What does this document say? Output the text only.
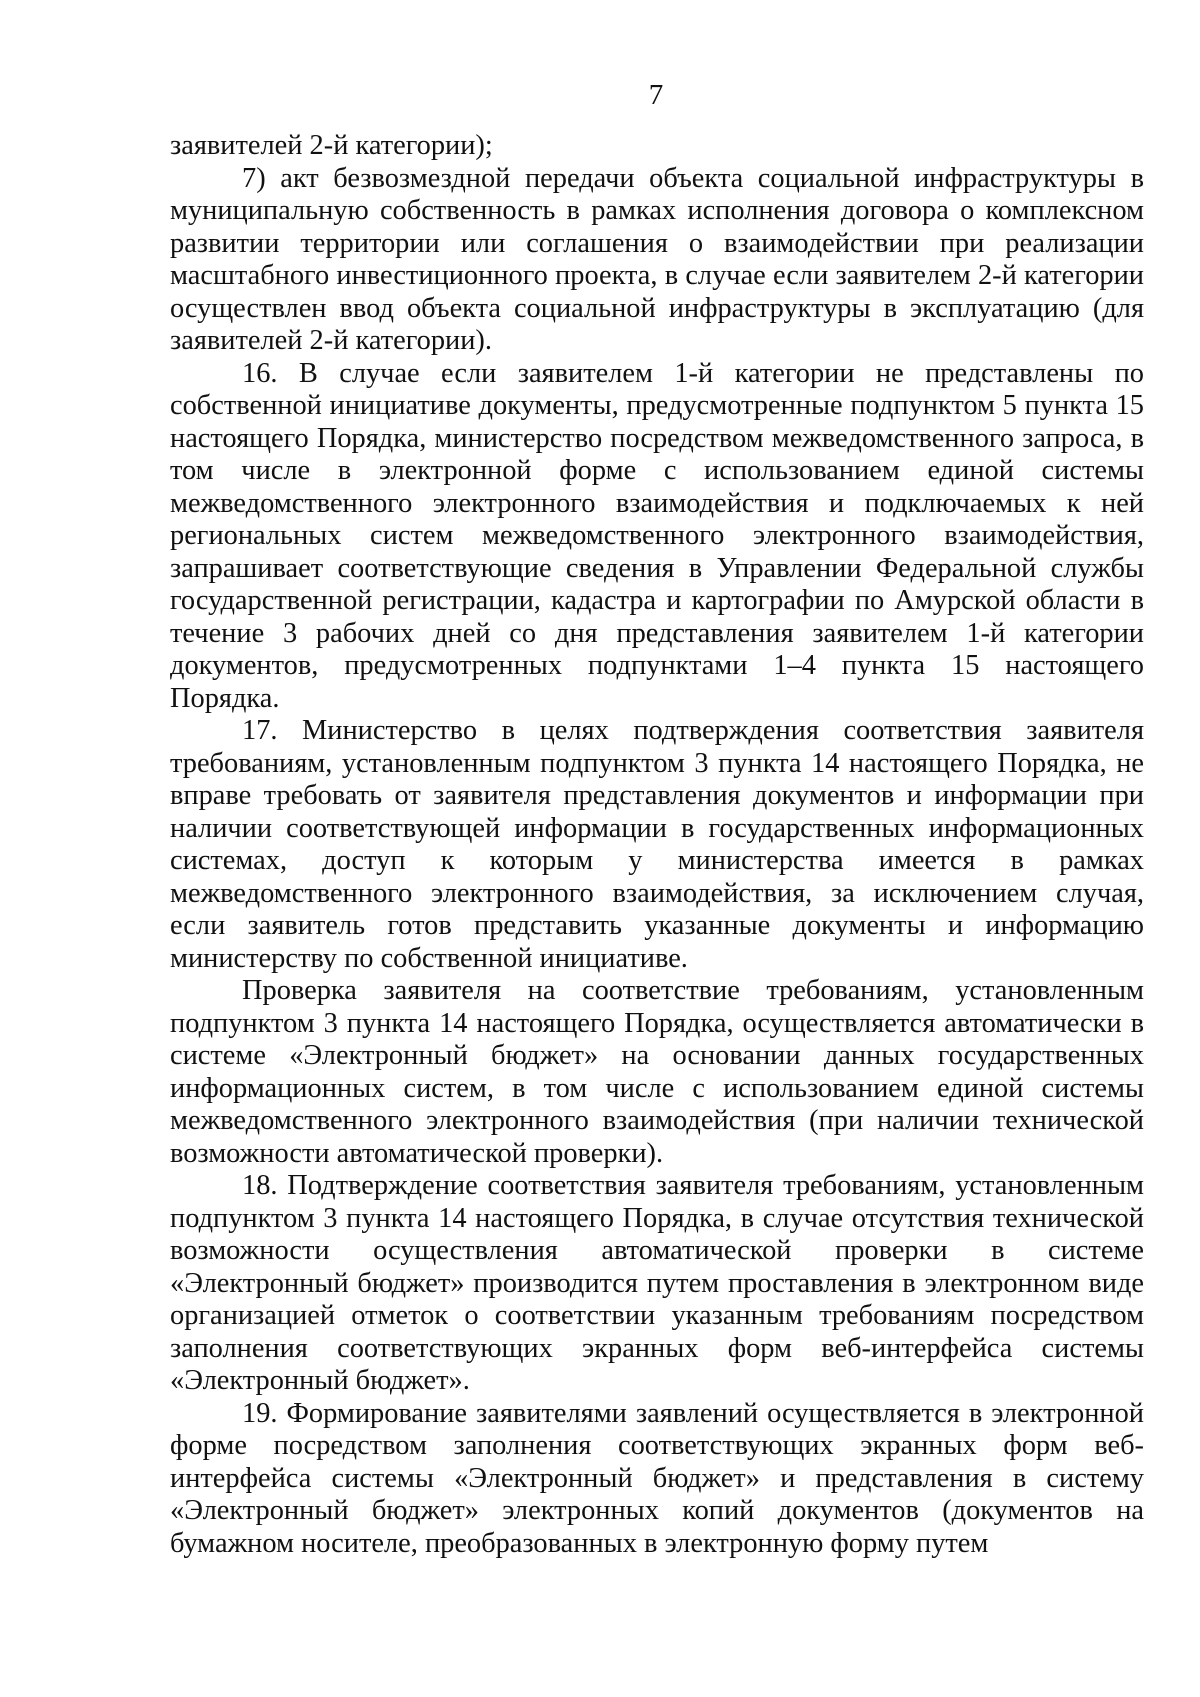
7

заявителей 2-й категории);

7) акт безвозмездной передачи объекта социальной инфраструктуры в муниципальную собственность в рамках исполнения договора о комплексном развитии территории или соглашения о взаимодействии при реализации масштабного инвестиционного проекта, в случае если заявителем 2-й категории осуществлен ввод объекта социальной инфраструктуры в эксплуатацию (для заявителей 2-й категории).

16. В случае если заявителем 1-й категории не представлены по собственной инициативе документы, предусмотренные подпунктом 5 пункта 15 настоящего Порядка, министерство посредством межведомственного запроса, в том числе в электронной форме с использованием единой системы межведомственного электронного взаимодействия и подключаемых к ней региональных систем межведомственного электронного взаимодействия, запрашивает соответствующие сведения в Управлении Федеральной службы государственной регистрации, кадастра и картографии по Амурской области в течение 3 рабочих дней со дня представления заявителем 1-й категории документов, предусмотренных подпунктами 1–4 пункта 15 настоящего Порядка.

17. Министерство в целях подтверждения соответствия заявителя требованиям, установленным подпунктом 3 пункта 14 настоящего Порядка, не вправе требовать от заявителя представления документов и информации при наличии соответствующей информации в государственных информационных системах, доступ к которым у министерства имеется в рамках межведомственного электронного взаимодействия, за исключением случая, если заявитель готов представить указанные документы и информацию министерству по собственной инициативе.

Проверка заявителя на соответствие требованиям, установленным подпунктом 3 пункта 14 настоящего Порядка, осуществляется автоматически в системе «Электронный бюджет» на основании данных государственных информационных систем, в том числе с использованием единой системы межведомственного электронного взаимодействия (при наличии технической возможности автоматической проверки).

18. Подтверждение соответствия заявителя требованиям, установленным подпунктом 3 пункта 14 настоящего Порядка, в случае отсутствия технической возможности осуществления автоматической проверки в системе «Электронный бюджет» производится путем проставления в электронном виде организацией отметок о соответствии указанным требованиям посредством заполнения соответствующих экранных форм веб-интерфейса системы «Электронный бюджет».

19. Формирование заявителями заявлений осуществляется в электронной форме посредством заполнения соответствующих экранных форм веб-интерфейса системы «Электронный бюджет» и представления в систему «Электронный бюджет» электронных копий документов (документов на бумажном носителе, преобразованных в электронную форму путем
